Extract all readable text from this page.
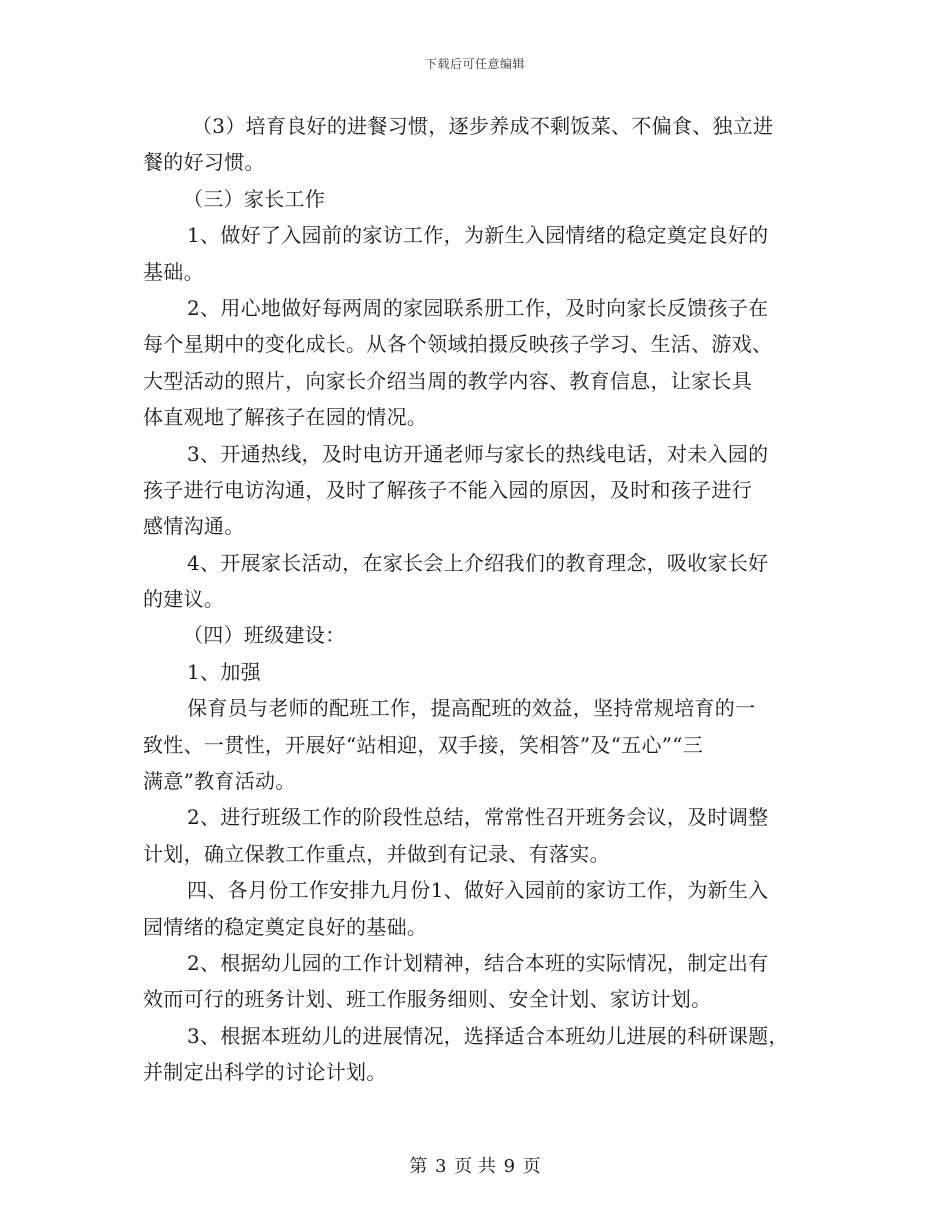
下载后可任意编辑
（3）培育良好的进餐习惯，逐步养成不剩饭菜、不偏食、独立进
餐的好习惯。
（三）家长工作
1、做好了入园前的家访工作，为新生入园情绪的稳定奠定良好的
基础。
2、用心地做好每两周的家园联系册工作，及时向家长反馈孩子在
每个星期中的变化成长。从各个领域拍摄反映孩子学习、生活、游戏、
大型活动的照片，向家长介绍当周的教学内容、教育信息，让家长具
体直观地了解孩子在园的情况。
3、开通热线，及时电访开通老师与家长的热线电话，对未入园的
孩子进行电访沟通，及时了解孩子不能入园的原因，及时和孩子进行
感情沟通。
4、开展家长活动，在家长会上介绍我们的教育理念，吸收家长好
的建议。
（四）班级建设：
1、加强
保育员与老师的配班工作，提高配班的效益，坚持常规培育的一
致性、一贯性，开展好“站相迎，双手接，笑相答”及“五心”“三
满意”教育活动。
2、进行班级工作的阶段性总结，常常性召开班务会议，及时调整
计划，确立保教工作重点，并做到有记录、有落实。
四、各月份工作安排九月份1、做好入园前的家访工作，为新生入
园情绪的稳定奠定良好的基础。
2、根据幼儿园的工作计划精神，结合本班的实际情况，制定出有
效而可行的班务计划、班工作服务细则、安全计划、家访计划。
3、根据本班幼儿的进展情况，选择适合本班幼儿进展的科研课题，
并制定出科学的讨论计划。
第 3 页 共 9 页
